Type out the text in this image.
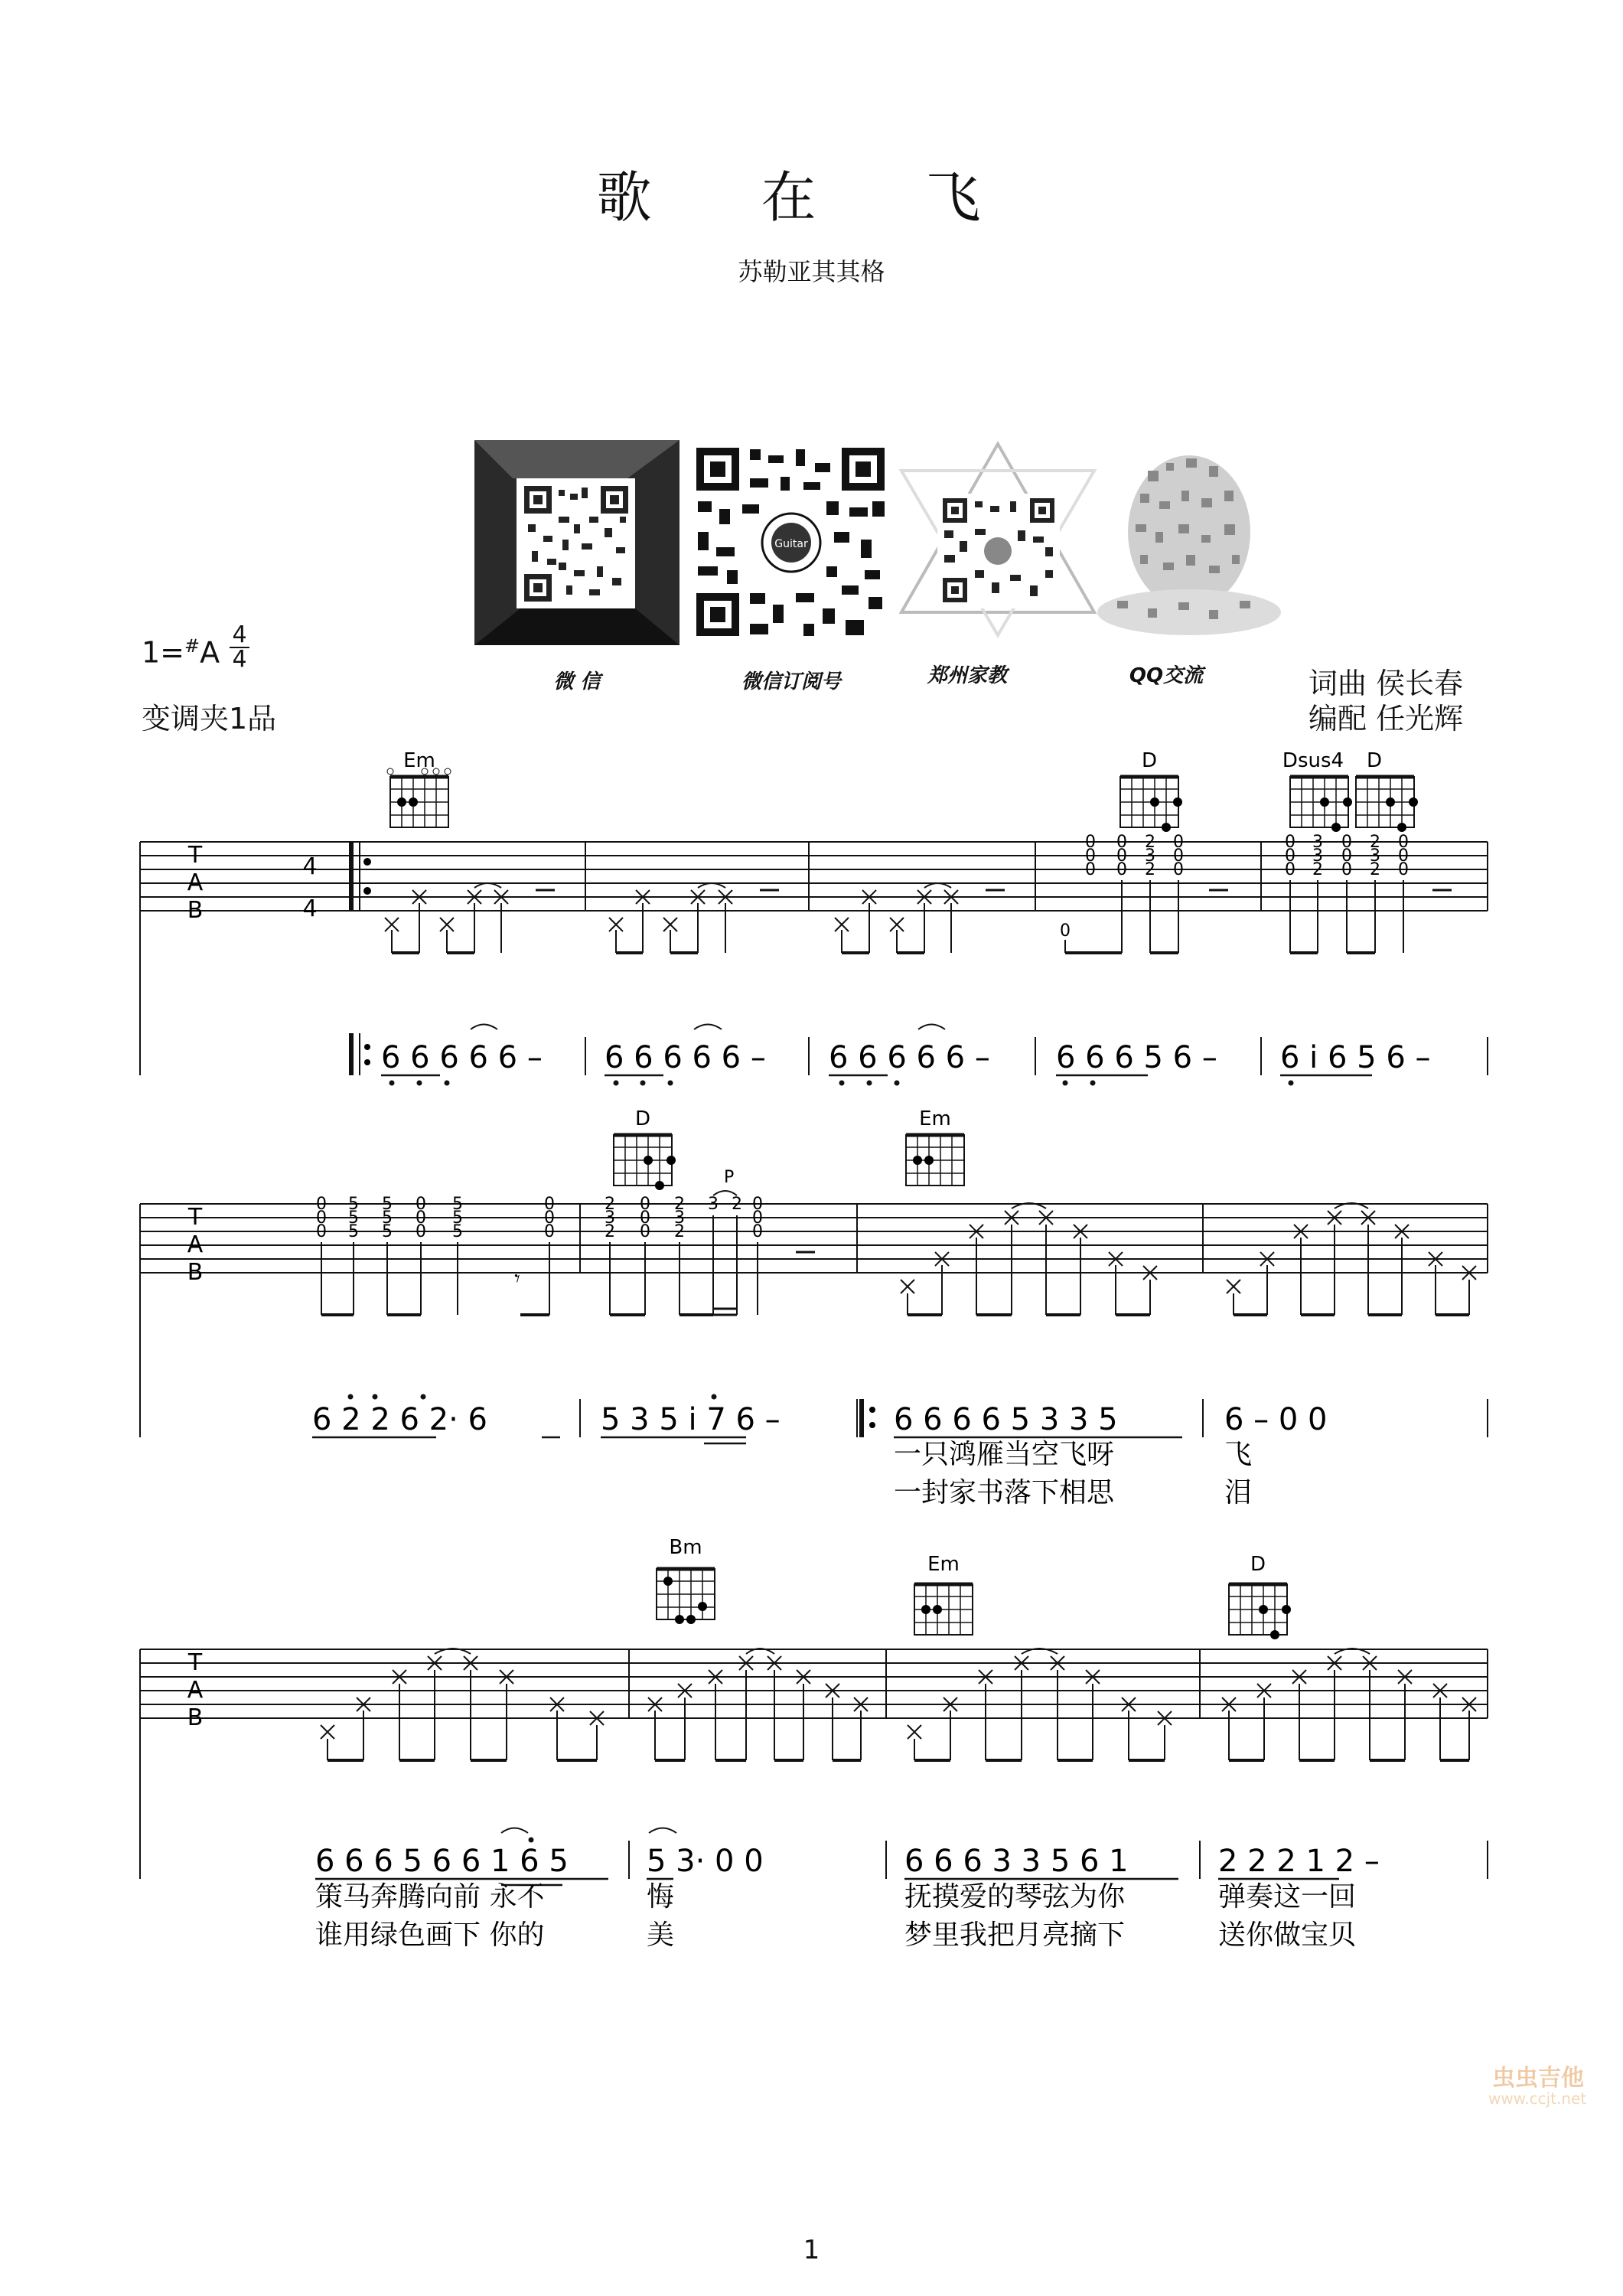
歌 在 飞
苏勒亚其其格
Guitar
微 信	微信订阅号	郑州家教	QQ交流
1=#A
4
4
变调夹1品
词曲 侯长春
编配 任光辉
Em	D	Dsus4 D
T
A
B
4
4
0
0
0
0
0
0
2
3
2
0
0
0
0
0
0
0
3
3
2
0
0
0
2
3
2
0
0
0
6 6 6 6 6 – 6 6 6 6 6 – 6 6 6 6 6 – 6 6 6 5 6 – 6 i 6 5 6 –
D	Em
P
T
A
B
0
0
0
5
5
5
5
5
5
0
0
0
5
5
5
0
0
0
𝄾
2
3
2
0
0
0
2
3
2
3 2 0
0
0
6 2 2 6 2· 6	5 3 5 i 7 6 –	6 6 6 6 5 3 3 5	6 – 0 0
一只鸿雁当空飞呀	飞
一封家书落下相思	泪
Bm
Em	D
T
A
B
6 6 6 5 6 6 1 6 5	5 3· 0 0	6 6 6 3 3 5 6 1	2 2 2 1 2 –
策马奔腾向前 永不	悔	抚摸爱的琴弦为你	弹奏这一回
谁用绿色画下 你的	美	梦里我把月亮摘下	送你做宝贝
虫虫吉他
www.ccjt.net
1
